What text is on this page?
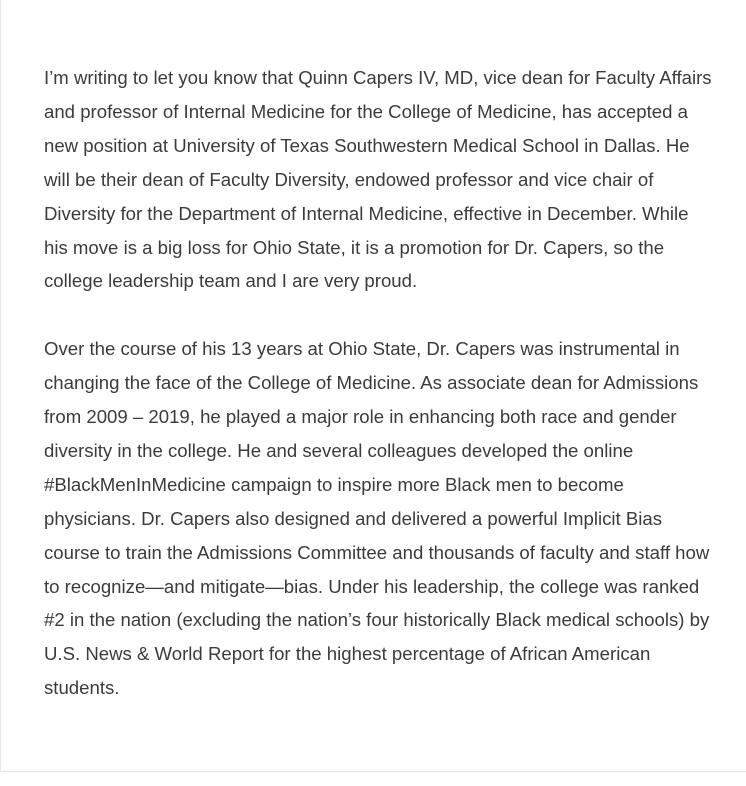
I’m writing to let you know that Quinn Capers IV, MD, vice dean for Faculty Affairs and professor of Internal Medicine for the College of Medicine, has accepted a new position at University of Texas Southwestern Medical School in Dallas. He will be their dean of Faculty Diversity, endowed professor and vice chair of Diversity for the Department of Internal Medicine, effective in December. While his move is a big loss for Ohio State, it is a promotion for Dr. Capers, so the college leadership team and I are very proud.

Over the course of his 13 years at Ohio State, Dr. Capers was instrumental in changing the face of the College of Medicine. As associate dean for Admissions from 2009 – 2019, he played a major role in enhancing both race and gender diversity in the college. He and several colleagues developed the online #BlackMenInMedicine campaign to inspire more Black men to become physicians. Dr. Capers also designed and delivered a powerful Implicit Bias course to train the Admissions Committee and thousands of faculty and staff how to recognize—and mitigate—bias. Under his leadership, the college was ranked #2 in the nation (excluding the nation’s four historically Black medical schools) by U.S. News & World Report for the highest percentage of African American students.
